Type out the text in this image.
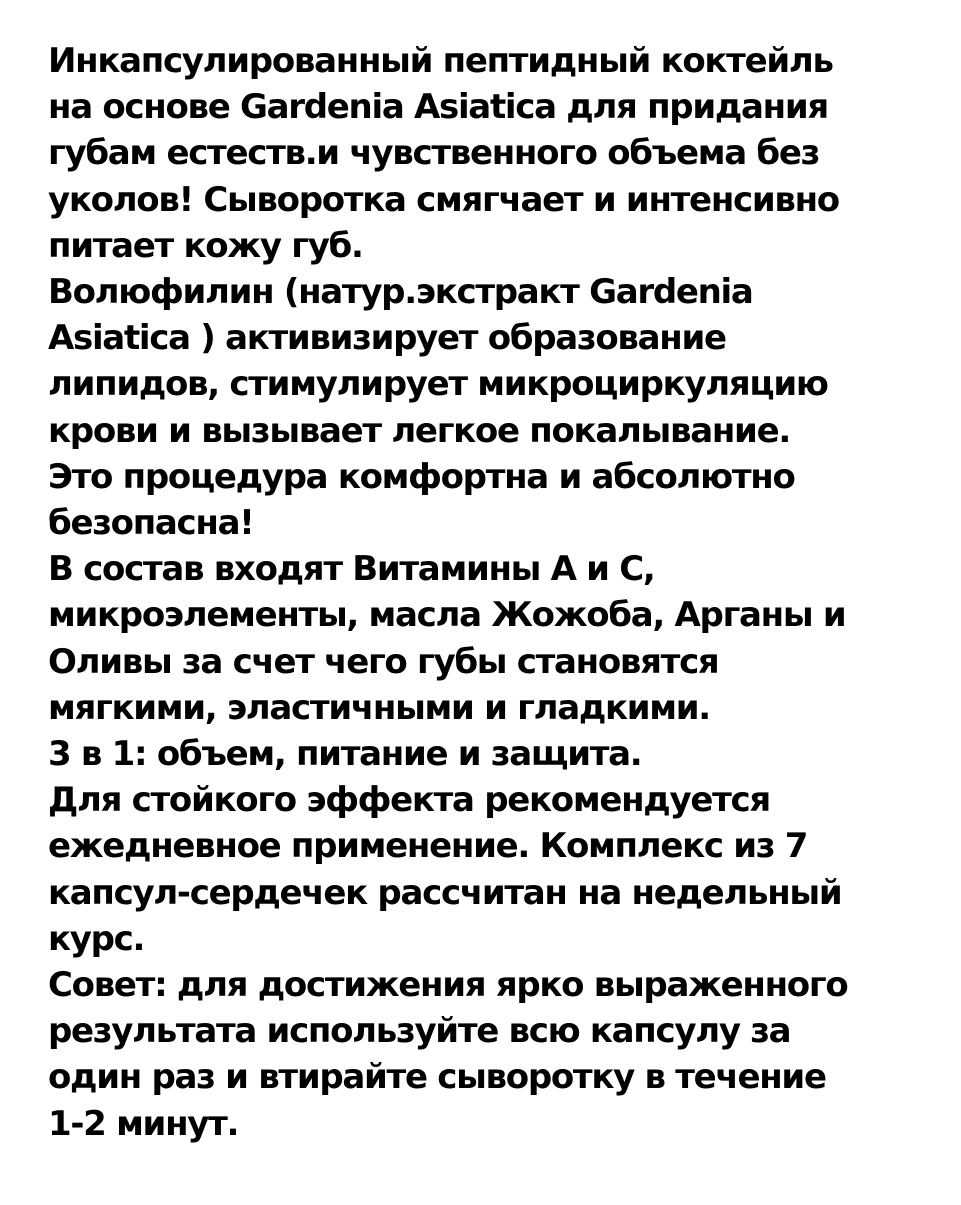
Инкапсулированный пептидный коктейль

на основе Gardenia Asiatica для придания

губам естеств.и чувственного объема без

уколов! Сыворотка смягчает и интенсивно

питает кожу губ.

Волюфилин (натур.экстракт Gardenia

Asiatica ) активизирует образование

липидов, стимулирует микроциркуляцию

крови и вызывает легкое покалывание.

Это процедура комфортна и абсолютно

безопасна!

В состав входят Витамины А и С,

микроэлементы, масла Жожоба, Арганы и

Оливы за счет чего губы становятся

мягкими, эластичными и гладкими.

3 в 1: объем, питание и защита.

Для стойкого эффекта рекомендуется

ежедневное применение. Комплекс из 7

капсул-сердечек рассчитан на недельный

курс.

Совет: для достижения ярко выраженного

результата используйте всю капсулу за

один раз и втирайте сыворотку в течение

1-2 минут.
